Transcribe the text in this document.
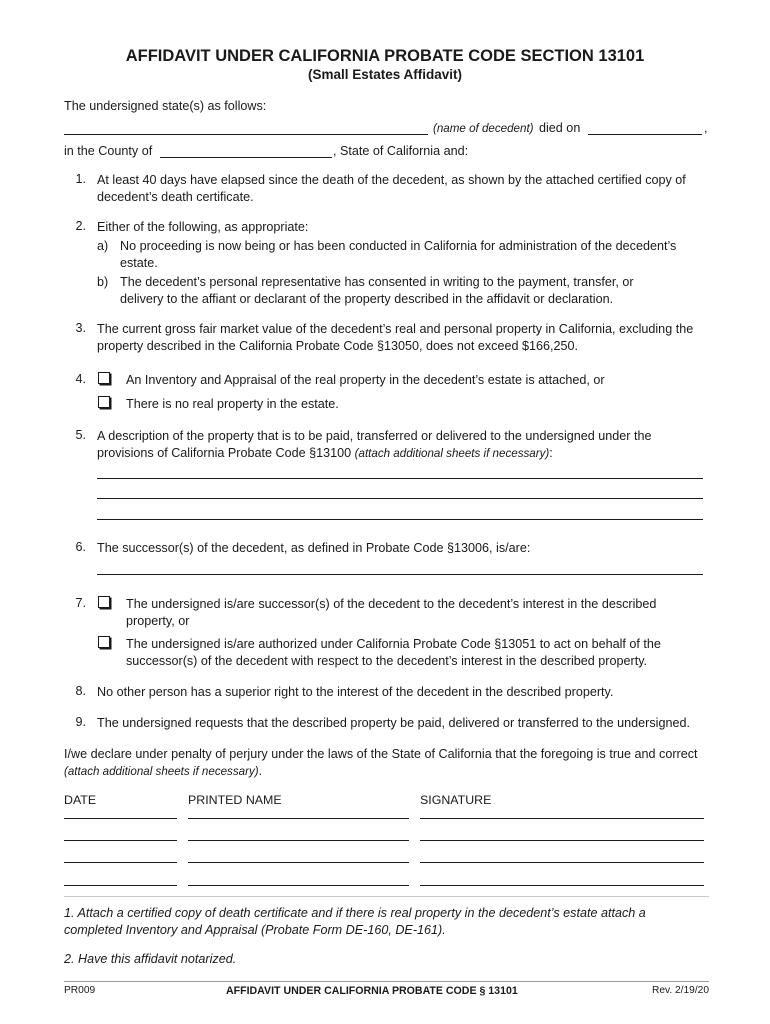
AFFIDAVIT UNDER CALIFORNIA PROBATE CODE SECTION 13101
(Small Estates Affidavit)
The undersigned state(s) as follows:
(name of decedent) died on	,
in the County of	, State of California and:
1. At least 40 days have elapsed since the death of the decedent, as shown by the attached certified copy of decedent’s death certificate.
2. Either of the following, as appropriate:
a) No proceeding is now being or has been conducted in California for administration of the decedent’s estate.
b) The decedent’s personal representative has consented in writing to the payment, transfer, or delivery to the affiant or declarant of the property described in the affidavit or declaration.
3. The current gross fair market value of the decedent’s real and personal property in California, excluding the property described in the California Probate Code §13050, does not exceed $166,250.
4.	An Inventory and Appraisal of the real property in the decedent’s estate is attached, or
There is no real property in the estate.
5. A description of the property that is to be paid, transferred or delivered to the undersigned under the provisions of California Probate Code §13100 (attach additional sheets if necessary):
6. The successor(s) of the decedent, as defined in Probate Code §13006, is/are:
7.	The undersigned is/are successor(s) of the decedent to the decedent’s interest in the described property, or
The undersigned is/are authorized under California Probate Code §13051 to act on behalf of the successor(s) of the decedent with respect to the decedent’s interest in the described property.
8. No other person has a superior right to the interest of the decedent in the described property.
9. The undersigned requests that the described property be paid, delivered or transferred to the undersigned.
I/we declare under penalty of perjury under the laws of the State of California that the foregoing is true and correct (attach additional sheets if necessary).
DATE	PRINTED NAME	SIGNATURE
1. Attach a certified copy of death certificate and if there is real property in the decedent’s estate attach a completed Inventory and Appraisal (Probate Form DE-160, DE-161).
2. Have this affidavit notarized.
PR009	AFFIDAVIT UNDER CALIFORNIA PROBATE CODE § 13101	Rev. 2/19/20
